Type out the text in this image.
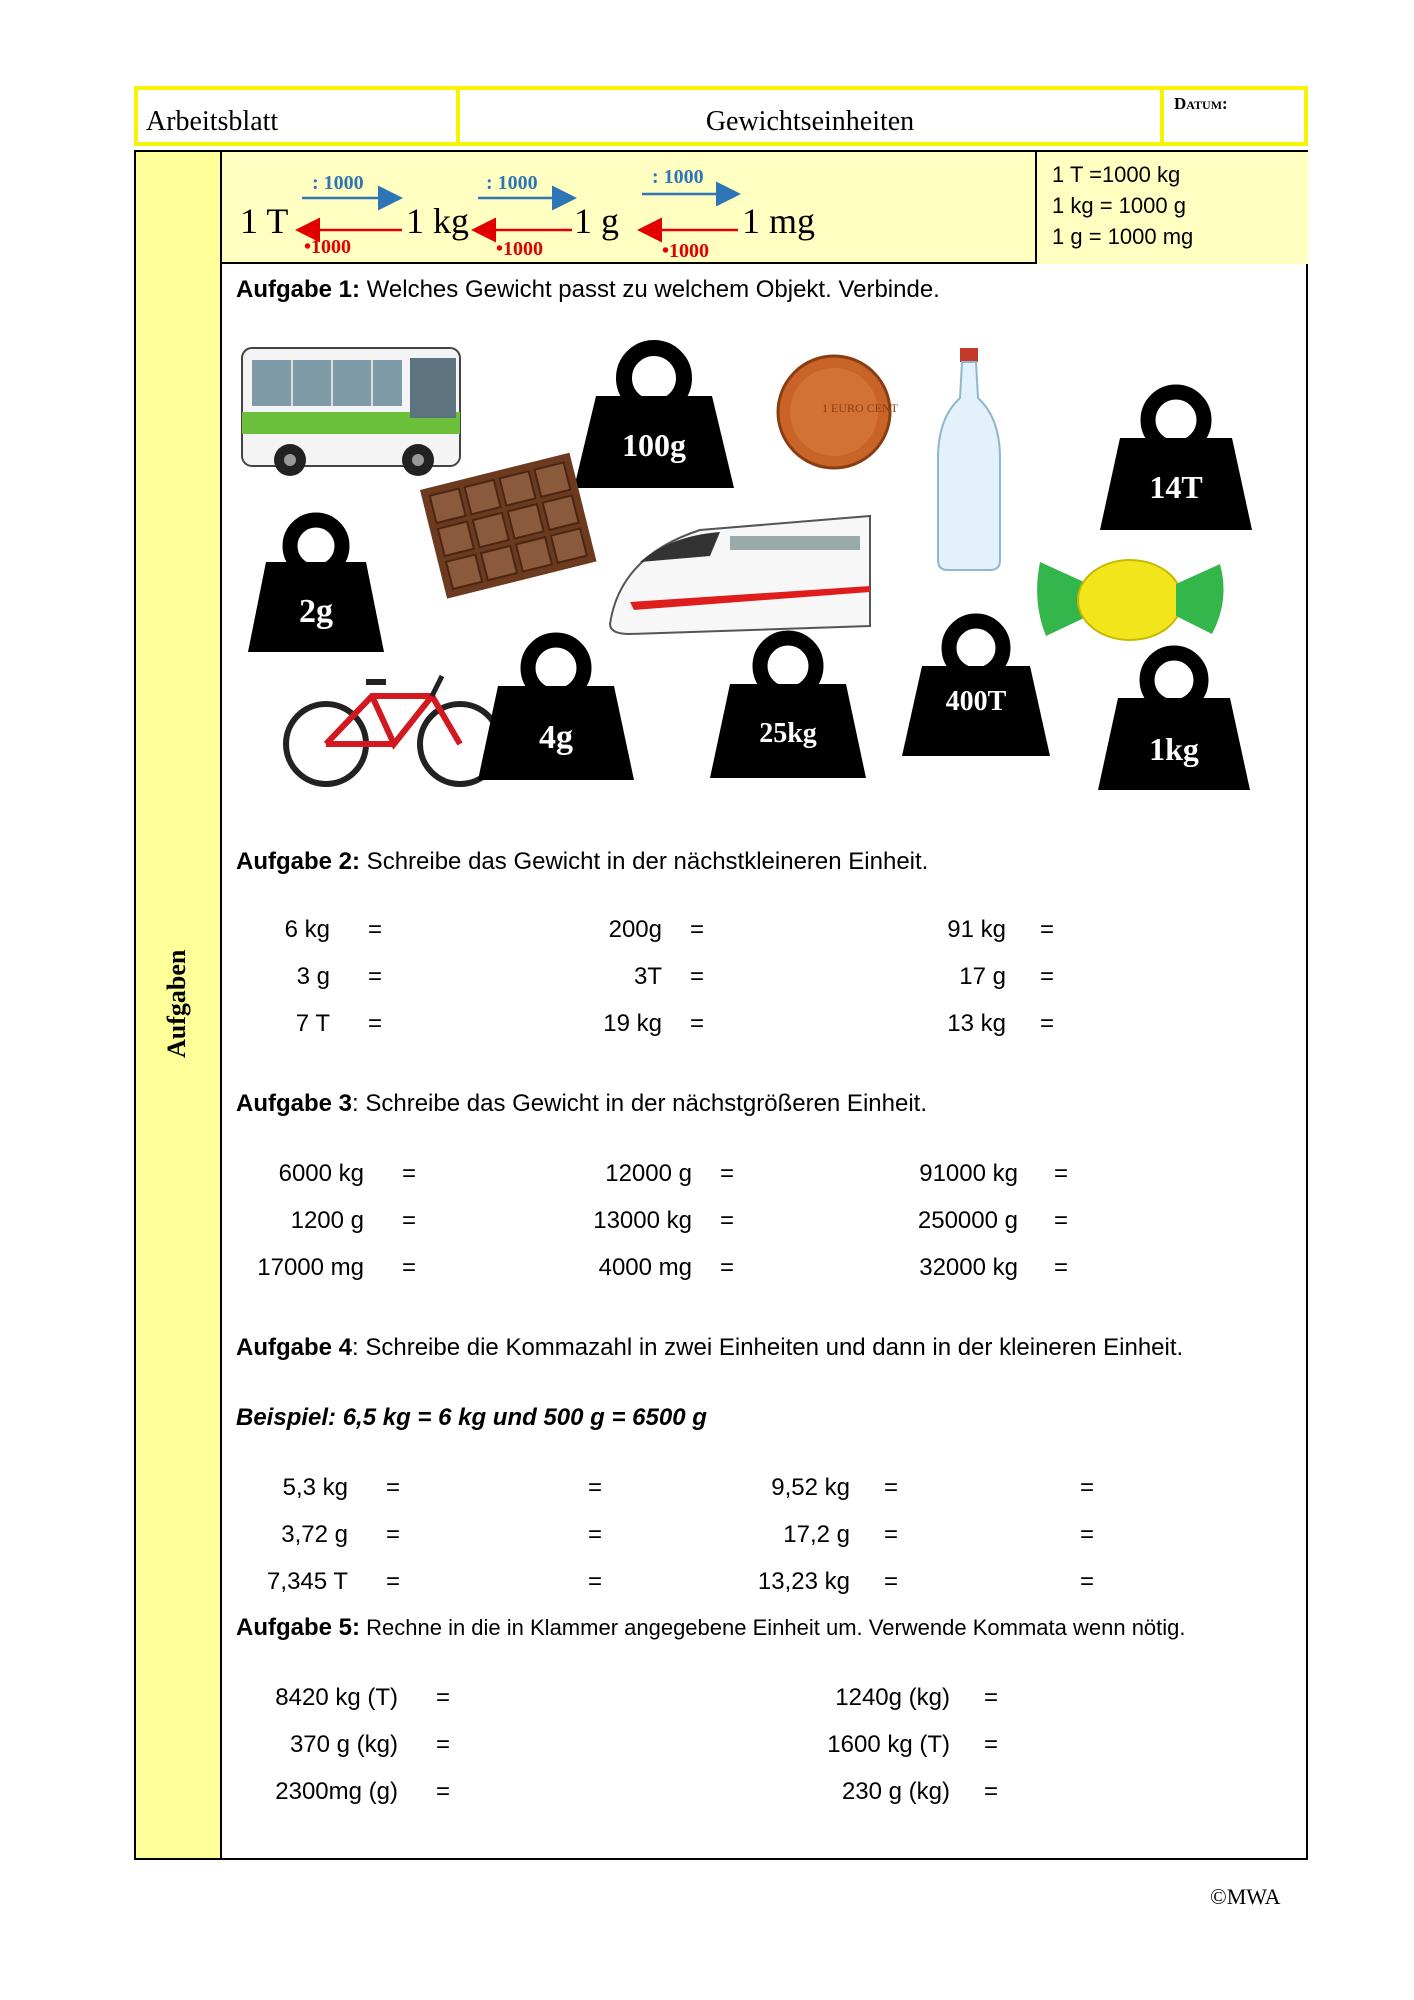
Arbeitsblatt	Gewichtseinheiten
Datum:
Aufgaben
1 T	1 kg	1 g	1 mg
: 1000	: 1000	: 1000
•1000	•1000	•1000
1 T =1000 kg
1 kg = 1000 g
1 g = 1000 mg
Aufgabe 1: Welches Gewicht passt zu welchem Objekt. Verbinde.
100g
1 EURO CENT
14T
2g
4g	25kg
400T
1kg
Aufgabe 2: Schreibe das Gewicht in der nächstkleineren Einheit.
6 kg =	200g =	91 kg =
3 g =	3T =	17 g =
7 T =	19 kg =	13 kg =
Aufgabe 3: Schreibe das Gewicht in der nächstgrößeren Einheit.
6000 kg =	12000 g =	91000 kg =
1200 g =	13000 kg =	250000 g =
17000 mg =	4000 mg =	32000 kg =
Aufgabe 4: Schreibe die Kommazahl in zwei Einheiten und dann in der kleineren Einheit.
Beispiel: 6,5 kg = 6 kg und 500 g = 6500 g
5,3 kg =	=	9,52 kg =	=
3,72 g =	=	17,2 g =	=
7,345 T =	=	13,23 kg =	=
Aufgabe 5: Rechne in die in Klammer angegebene Einheit um. Verwende Kommata wenn nötig.
8420 kg (T) =	1240g (kg) =
370 g (kg) =	1600 kg (T) =
2300mg (g) =	230 g (kg) =
©MWA
